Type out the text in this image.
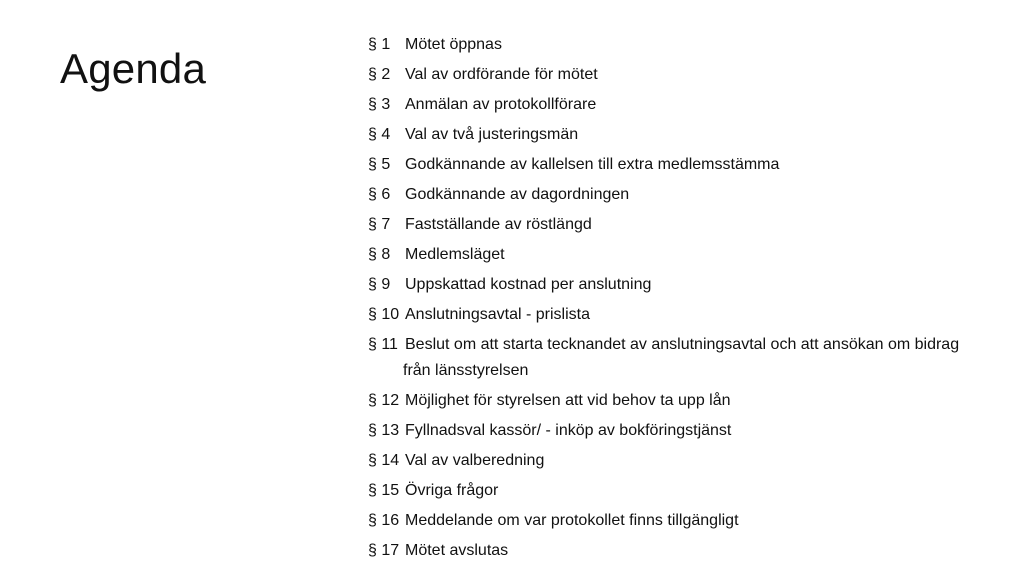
Agenda
§ 1 Mötet öppnas
§ 2 Val av ordförande för mötet
§ 3 Anmälan av protokollförare
§ 4 Val av två justeringsmän
§ 5 Godkännande av kallelsen till extra medlemsstämma
§ 6 Godkännande av dagordningen
§ 7 Fastställande av röstlängd
§ 8 Medlemsläget
§ 9 Uppskattad kostnad per anslutning
§ 10 Anslutningsavtal - prislista
§ 11 Beslut om att starta tecknandet av anslutningsavtal och att ansökan om bidrag
från länsstyrelsen
§ 12 Möjlighet för styrelsen att vid behov ta upp lån
§ 13 Fyllnadsval kassör/ - inköp av bokföringstjänst
§ 14 Val av valberedning
§ 15 Övriga frågor
§ 16 Meddelande om var protokollet finns tillgängligt
§ 17 Mötet avslutas
